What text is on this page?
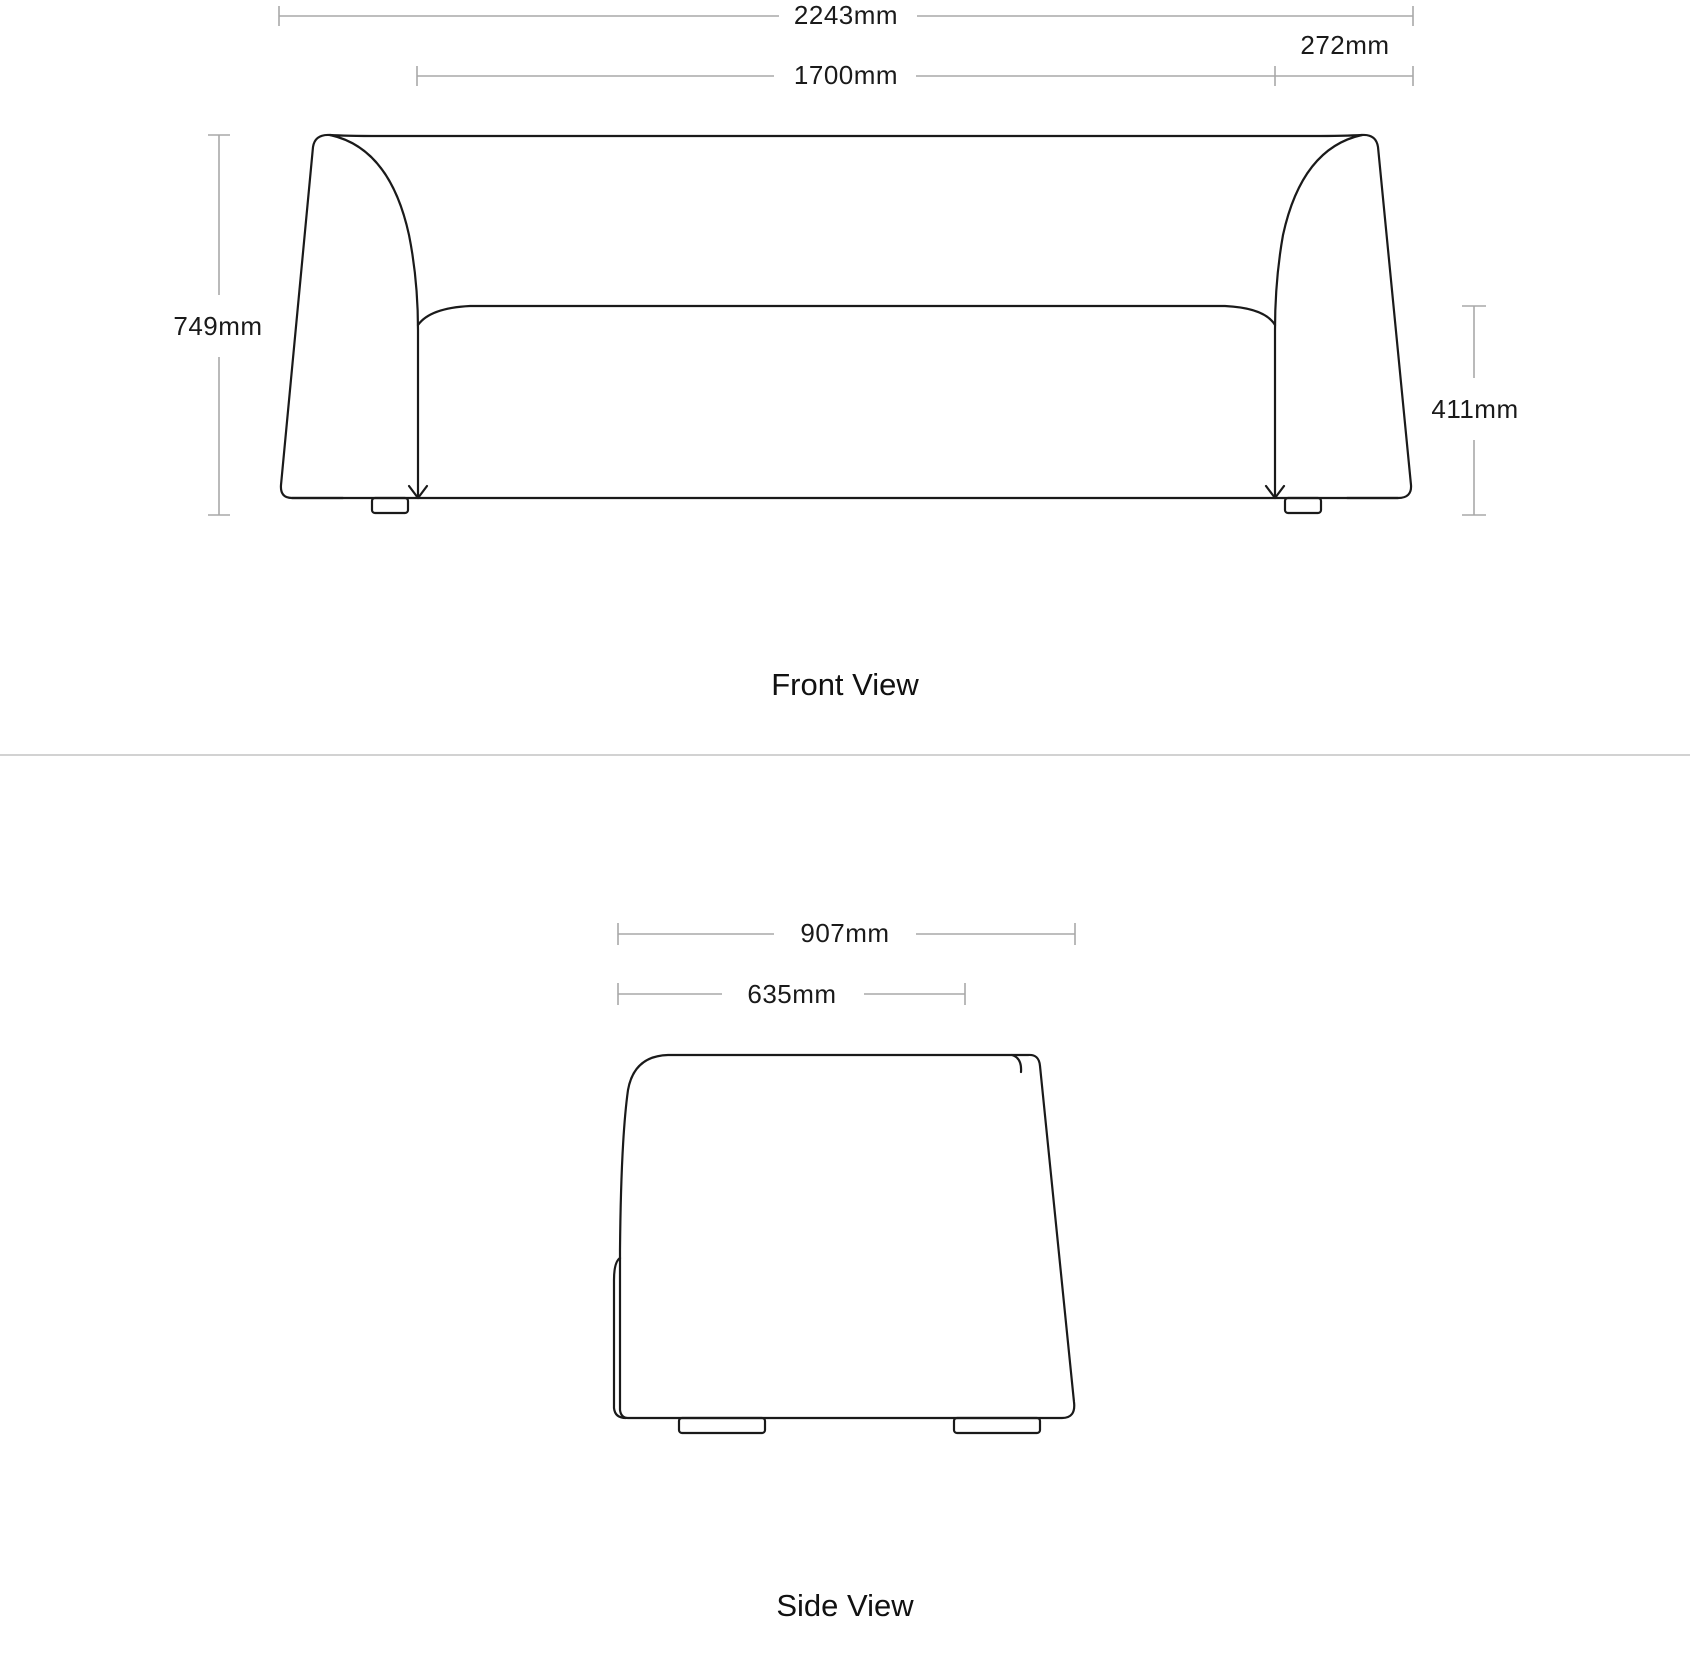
2243mm
1700mm
272mm
749mm
411mm
Front View
907mm
635mm
Side View
